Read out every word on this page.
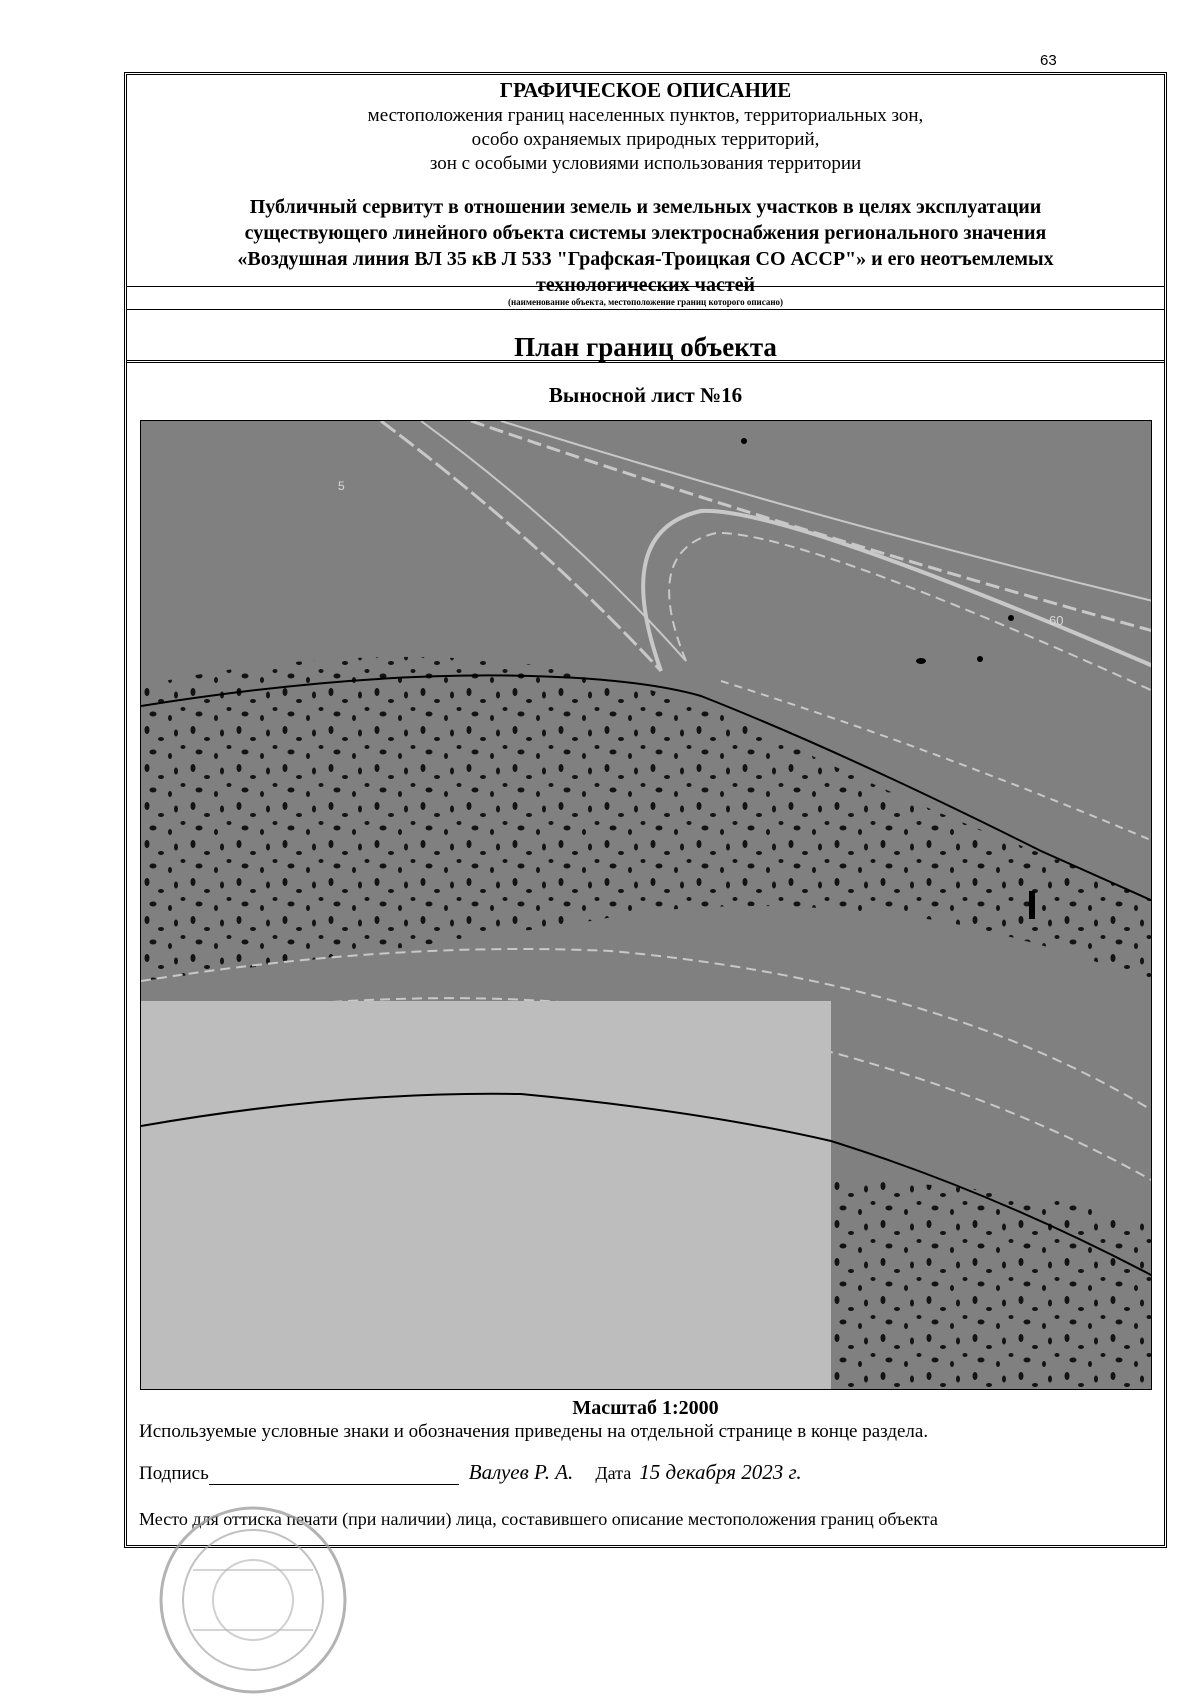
63
ГРАФИЧЕСКОЕ ОПИСАНИЕ
местоположения границ населенных пунктов, территориальных зон,
особо охраняемых природных территорий,
зон с особыми условиями использования территории
Публичный сервитут в отношении земель и земельных участков в целях эксплуатации
существующего линейного объекта системы электроснабжения регионального значения
«Воздушная линия ВЛ 35 кВ Л 533 "Графская-Троицкая СО АССР"» и его неотъемлемых
технологических частей
(наименование объекта, местоположение границ которого описано)
План границ объекта
Выносной лист №16
5
60
Масштаб 1:2000
Используемые условные знаки и обозначения приведены на отдельной странице в конце раздела.
Подпись	Валуев Р. А. Дата 15 декабря 2023 г.
Место для оттиска печати (при наличии) лица, составившего описание местоположения границ объекта
